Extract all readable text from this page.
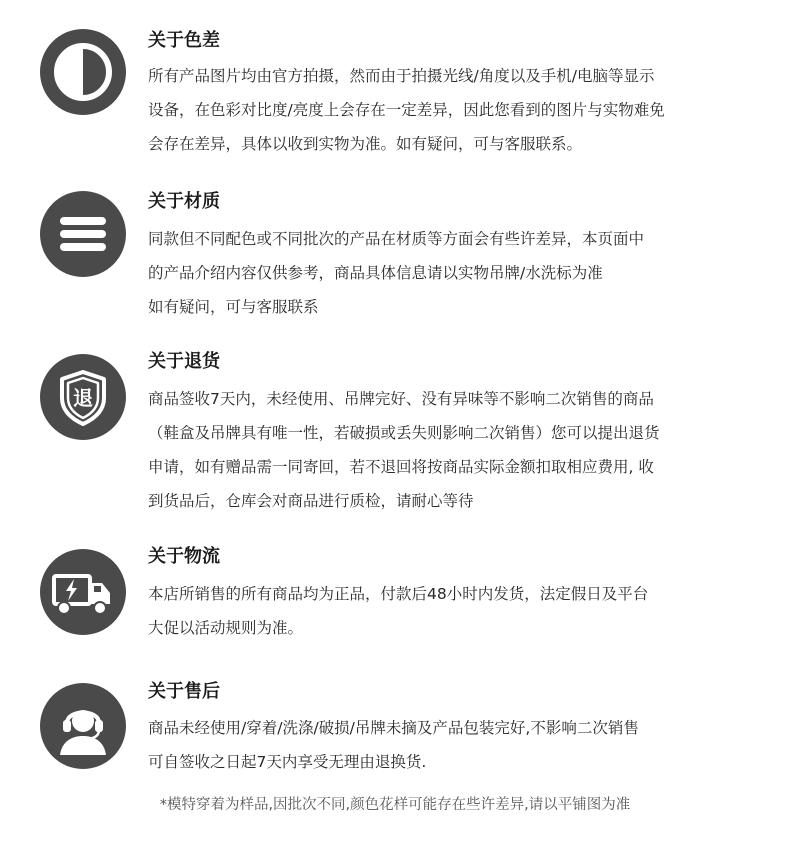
关于色差
所有产品图片均由官方拍摄，然而由于拍摄光线/角度以及手机/电脑等显示
设备，在色彩对比度/亮度上会存在一定差异，因此您看到的图片与实物难免
会存在差异，具体以收到实物为准。如有疑问，可与客服联系。
关于材质
同款但不同配色或不同批次的产品在材质等方面会有些许差异，本页面中
的产品介绍内容仅供参考，商品具体信息请以实物吊牌/水洗标为准
如有疑问，可与客服联系
退
关于退货
商品签收7天内，未经使用、吊牌完好、没有异味等不影响二次销售的商品
（鞋盒及吊牌具有唯一性，若破损或丢失则影响二次销售）您可以提出退货
申请，如有赠品需一同寄回，若不退回将按商品实际金额扣取相应费用, 收
到货品后，仓库会对商品进行质检，请耐心等待
关于物流
本店所销售的所有商品均为正品，付款后48小时内发货，法定假日及平台
大促以活动规则为准。
关于售后
商品未经使用/穿着/洗涤/破损/吊牌未摘及产品包装完好,不影响二次销售
可自签收之日起7天内享受无理由退换货.
*模特穿着为样品,因批次不同,颜色花样可能存在些许差异,请以平铺图为准
